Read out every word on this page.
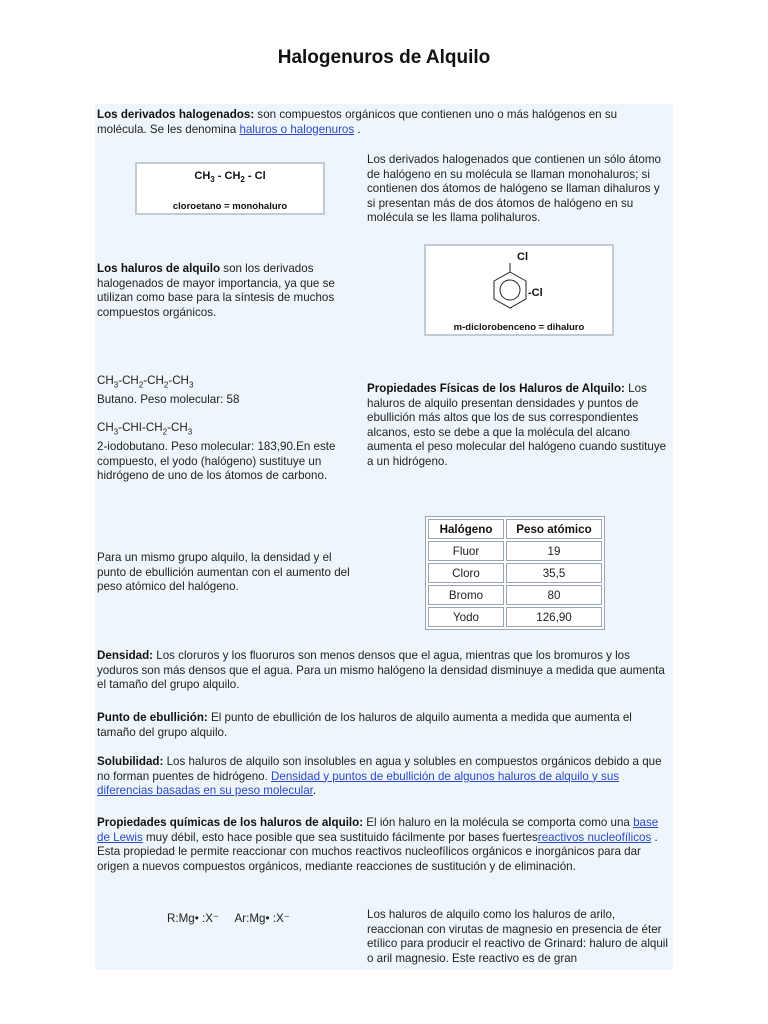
Halogenuros de Alquilo

Los derivados halogenados: son compuestos orgánicos que contienen uno o más halógenos en su molécula. Se les denomina haluros o halogenuros .

$CH_3 - CH_2$ - Cl
cloroetano = monohaluro

Los derivados halogenados que contienen un sólo átomo de halógeno en su molécula se llaman monohaluros; si contienen dos átomos de halógeno se llaman dihaluros y si presentan más de dos átomos de halógeno en su molécula se les llama polihaluros.

Los haluros de alquilo son los derivados halogenados de mayor importancia, ya que se utilizan como base para la síntesis de muchos compuestos orgánicos.

Cl
-Cl
m-diclorobenceno = dihaluro

$CH_3-CH_2-CH_2-CH_3$
Butano. Peso molecular: 58

$CH_3-CHI-CH_2-CH_3$
2-iodobutano. Peso molecular: 183,90.En este compuesto, el yodo (halógeno) sustituye un hidrógeno de uno de los átomos de carbono.

Propiedades Físicas de los Haluros de Alquilo: Los haluros de alquilo presentan densidades y puntos de ebullición más altos que los de sus correspondientes alcanos, esto se debe a que la molécula del alcano aumenta el peso molecular del halógeno cuando sustituye a un hidrógeno.

Para un mismo grupo alquilo, la densidad y el punto de ebullición aumentan con el aumento del peso atómico del halógeno.

Halógeno	Peso atómico
Fluor	19
Cloro	35,5
Bromo	80
Yodo	126,90

Densidad: Los cloruros y los fluoruros son menos densos que el agua, mientras que los bromuros y los yoduros son más densos que el agua. Para un mismo halógeno la densidad disminuye a medida que aumenta el tamaño del grupo alquilo.

Punto de ebullición: El punto de ebullición de los haluros de alquilo aumenta a medida que aumenta el tamaño del grupo alquilo.

Solubilidad: Los haluros de alquilo son insolubles en agua y solubles en compuestos orgánicos debido a que no forman puentes de hidrógeno. Densidad y puntos de ebullición de algunos haluros de alquilo y sus diferencias basadas en su peso molecular.

Propiedades químicas de los haluros de alquilo: El ión haluro en la molécula se comporta como una base de Lewis muy débil, esto hace posible que sea sustituido fácilmente por bases fuertesreactivos nucleofílicos . Esta propiedad le permite reaccionar con muchos reactivos nucleofílicos orgánicos e inorgánicos para dar origen a nuevos compuestos orgánicos, mediante reacciones de sustitución y de eliminación.

R:Mg• :X⁻     Ar:Mg• :X⁻	Los haluros de alquilo como los haluros de arilo, reaccionan con virutas de magnesio en presencia de éter etílico para producir el reactivo de Grinard: haluro de alquil o aril magnesio. Este reactivo es de gran
